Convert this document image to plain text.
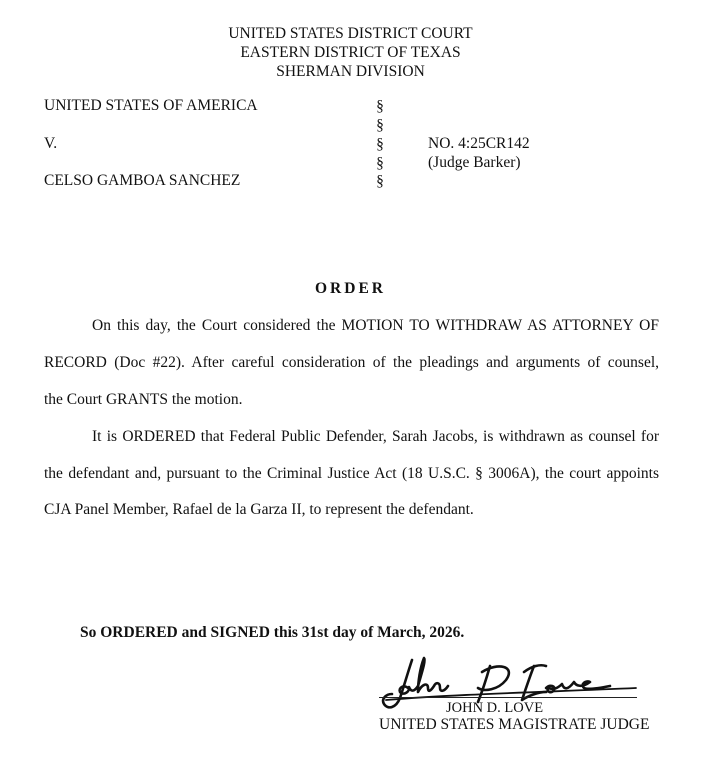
UNITED STATES DISTRICT COURT
EASTERN DISTRICT OF TEXAS
SHERMAN DIVISION
UNITED STATES OF AMERICA
V.
CELSO GAMBOA SANCHEZ
§
§
§
§
§
NO. 4:25CR142
(Judge Barker)
ORDER
On this day, the Court considered the MOTION TO WITHDRAW AS ATTORNEY OF
RECORD (Doc #22). After careful consideration of the pleadings and arguments of counsel,
the Court GRANTS the motion.
It is ORDERED that Federal Public Defender, Sarah Jacobs, is withdrawn as counsel for
the defendant and, pursuant to the Criminal Justice Act (18 U.S.C. § 3006A), the court appoints
CJA Panel Member, Rafael de la Garza II, to represent the defendant.
So ORDERED and SIGNED this 31st day of March, 2026.
JOHN D. LOVE
UNITED STATES MAGISTRATE JUDGE
